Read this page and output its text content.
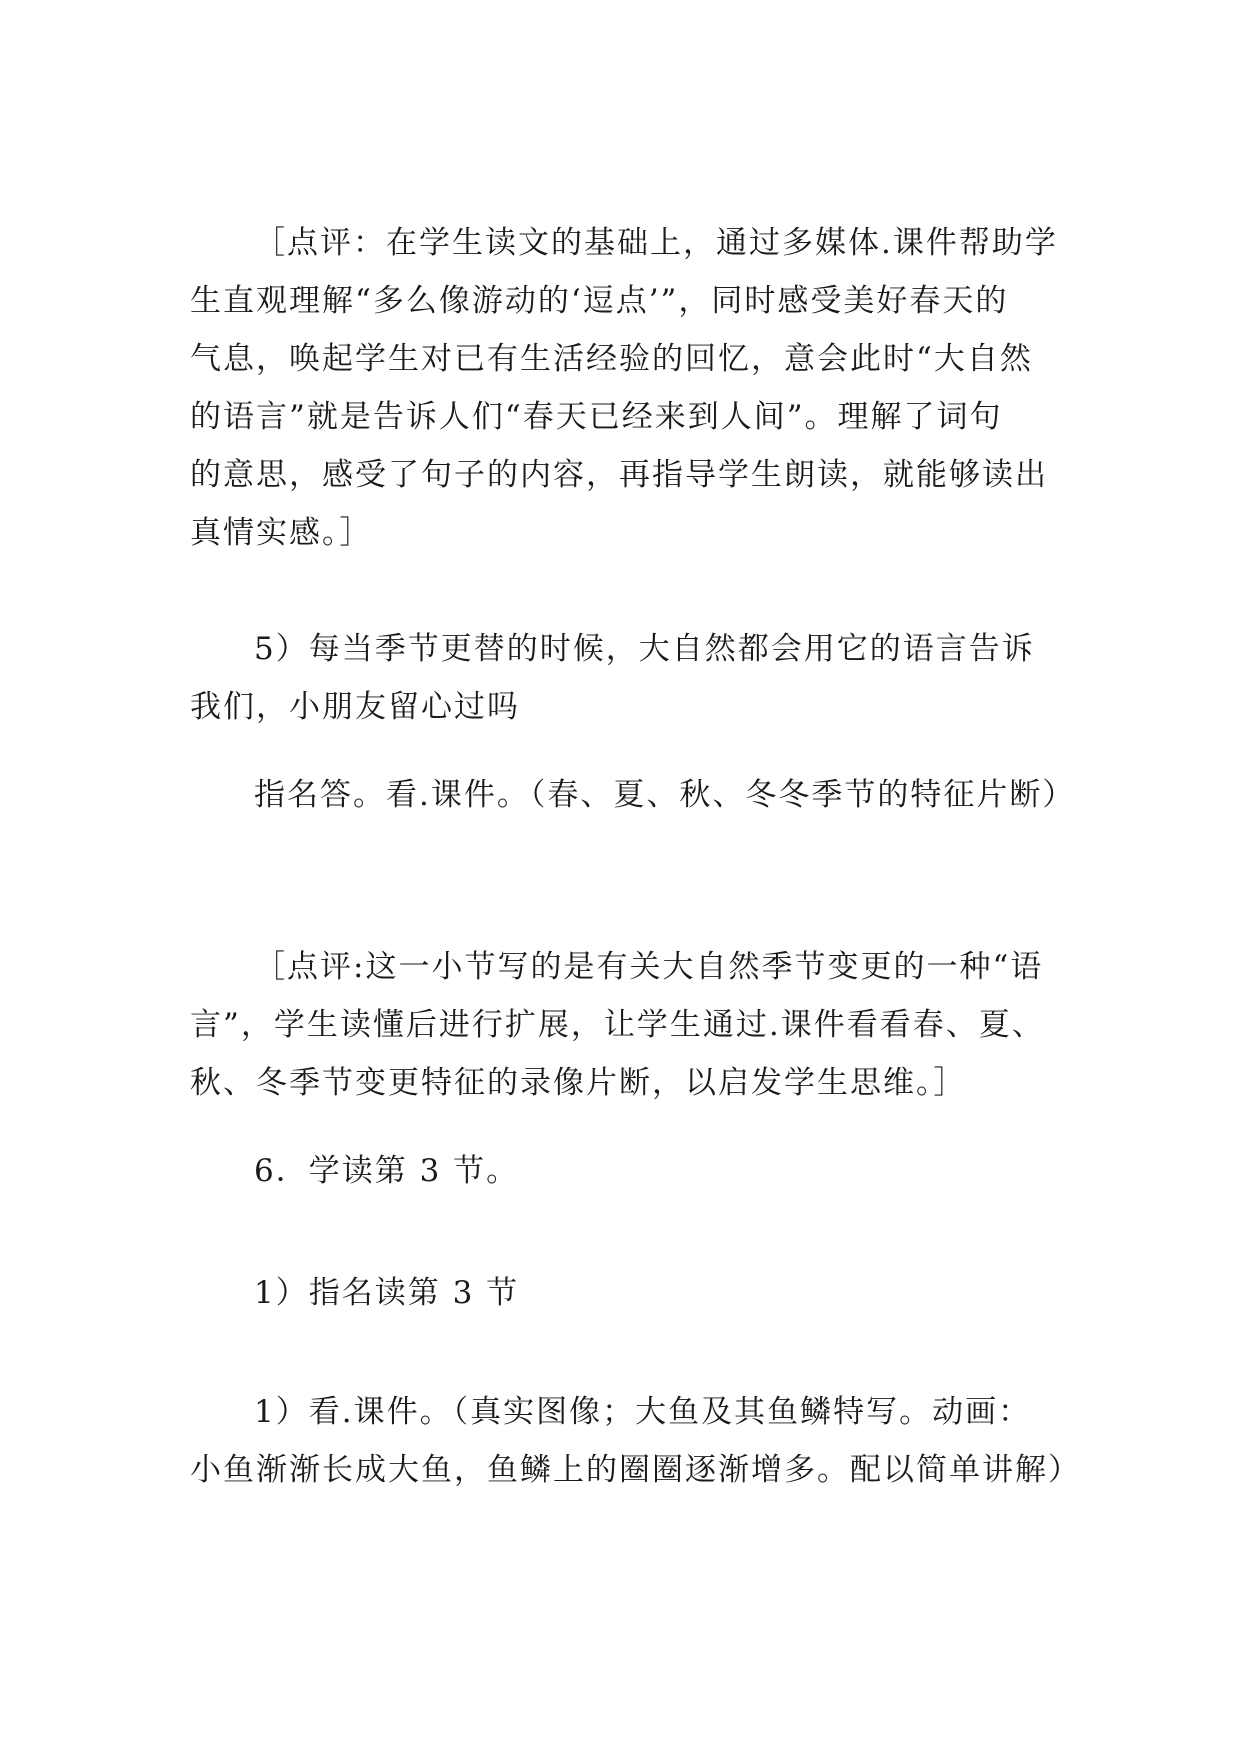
［点评：在学生读文的基础上，通过多媒体.课件帮助学
生直观理解“多么像游动的‘逗点’”，同时感受美好春天的
气息，唤起学生对已有生活经验的回忆，意会此时“大自然
的语言”就是告诉人们“春天已经来到人间”。理解了词句
的意思，感受了句子的内容，再指导学生朗读，就能够读出
真情实感。］

5）每当季节更替的时候，大自然都会用它的语言告诉
我们，小朋友留心过吗

指名答。看.课件。（春、夏、秋、冬冬季节的特征片断）

［点评:这一小节写的是有关大自然季节变更的一种“语
言”，学生读懂后进行扩展，让学生通过.课件看看春、夏、
秋、冬季节变更特征的录像片断，以启发学生思维。］

6．学读第 3 节。

1）指名读第 3 节

1）看.课件。（真实图像；大鱼及其鱼鳞特写。动画：
小鱼渐渐长成大鱼，鱼鳞上的圈圈逐渐增多。配以简单讲解）
